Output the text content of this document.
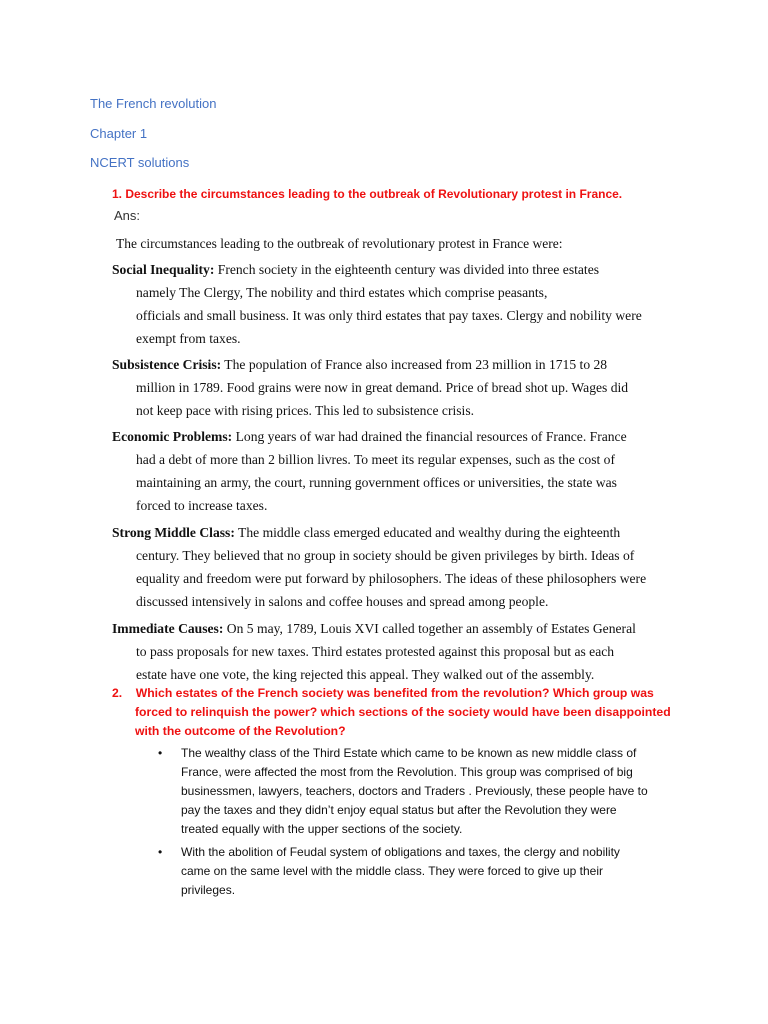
The French revolution
Chapter 1
NCERT solutions
1. Describe the circumstances leading to the outbreak of Revolutionary protest in France.
Ans:
The circumstances leading to the outbreak of revolutionary protest in France were:
Social Inequality: French society in the eighteenth century was divided into three estates
namely The Clergy, The nobility and third estates which comprise peasants,
officials and small business. It was only third estates that pay taxes. Clergy and nobility were
exempt from taxes.
Subsistence Crisis: The population of France also increased from 23 million in 1715 to 28
million in 1789. Food grains were now in great demand. Price of bread shot up. Wages did
not keep pace with rising prices. This led to subsistence crisis.
Economic Problems: Long years of war had drained the financial resources of France. France
had a debt of more than 2 billion livres. To meet its regular expenses, such as the cost of
maintaining an army, the court, running government offices or universities, the state was
forced to increase taxes.
Strong Middle Class: The middle class emerged educated and wealthy during the eighteenth
century. They believed that no group in society should be given privileges by birth. Ideas of
equality and freedom were put forward by philosophers. The ideas of these philosophers were
discussed intensively in salons and coffee houses and spread among people.
Immediate Causes: On 5 may, 1789, Louis XVI called together an assembly of Estates General
to pass proposals for new taxes. Third estates protested against this proposal but as each
estate have one vote, the king rejected this appeal. They walked out of the assembly.
2. Which estates of the French society was benefited from the revolution? Which group was
forced to relinquish the power? which sections of the society would have been disappointed
with the outcome of the Revolution?
• The wealthy class of the Third Estate which came to be known as new middle class of
France, were affected the most from the Revolution. This group was comprised of big
businessmen, lawyers, teachers, doctors and Traders . Previously, these people have to
pay the taxes and they didn’t enjoy equal status but after the Revolution they were
treated equally with the upper sections of the society.
• With the abolition of Feudal system of obligations and taxes, the clergy and nobility
came on the same level with the middle class. They were forced to give up their
privileges.
